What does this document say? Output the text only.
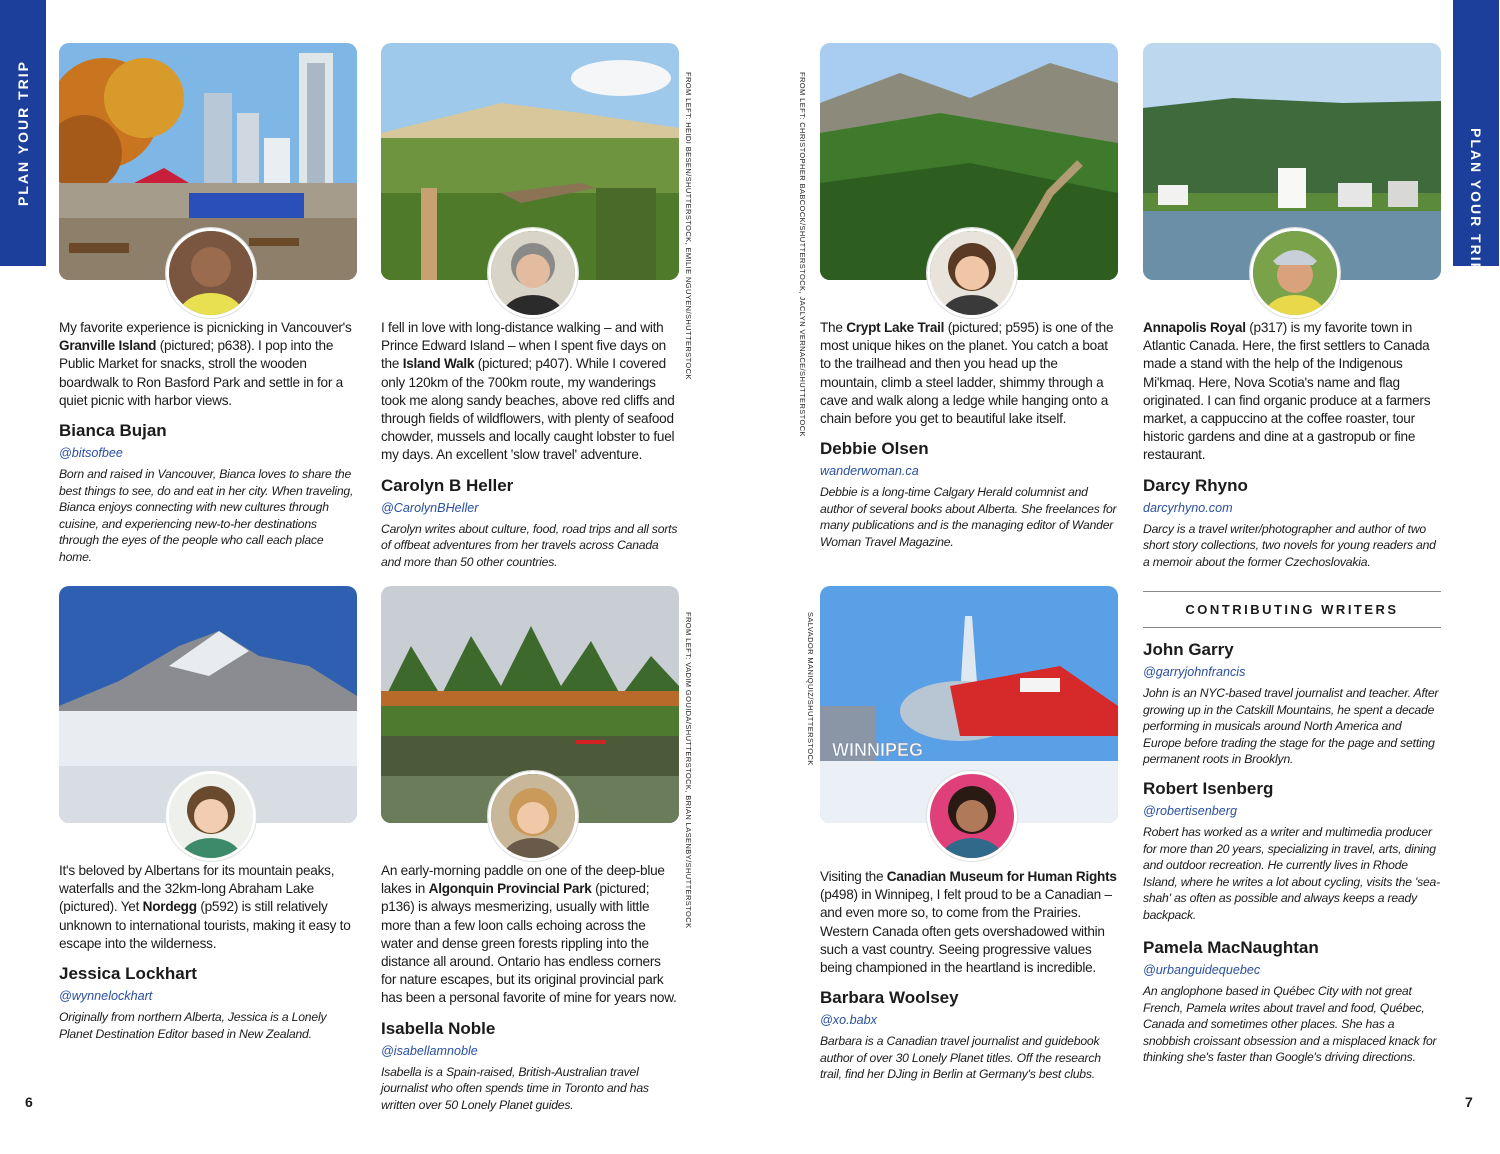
PLAN YOUR TRIP	PLAN YOUR TRIP
6	7
FROM LEFT: HEIDI BESEN/SHUTTERSTOCK, EMILIE NGUYEN/SHUTTERSTOCK	FROM LEFT: CHRISTOPHER BABCOCK/SHUTTERSTOCK, JACLYN VERNACE/SHUTTERSTOCK
FROM LEFT: VADIM GOUIDA/SHUTTERSTOCK, BRIAN LASENBY/SHUTTERSTOCK	SALVADOR MANIQUIZ/SHUTTERSTOCK

My favorite experience is picnicking in Vancouver's Granville Island (pictured; p638). I pop into the Public Market for snacks, stroll the wooden boardwalk to Ron Basford Park and settle in for a quiet picnic with harbor views.

Bianca Bujan
@bitsofbee

Born and raised in Vancouver, Bianca loves to share the best things to see, do and eat in her city. When traveling, Bianca enjoys connecting with new cultures through cuisine, and experiencing new-to-her destinations through the eyes of the people who call each place home.

I fell in love with long-distance walking – and with Prince Edward Island – when I spent five days on the Island Walk (pictured; p407). While I covered only 120km of the 700km route, my wanderings took me along sandy beaches, above red cliffs and through fields of wildflowers, with plenty of seafood chowder, mussels and locally caught lobster to fuel my days. An excellent 'slow travel' adventure.

Carolyn B Heller
@CarolynBHeller

Carolyn writes about culture, food, road trips and all sorts of offbeat adventures from her travels across Canada and more than 50 other countries.

The Crypt Lake Trail (pictured; p595) is one of the most unique hikes on the planet. You catch a boat to the trailhead and then you head up the mountain, climb a steel ladder, shimmy through a cave and walk along a ledge while hanging onto a chain before you get to beautiful lake itself.

Debbie Olsen
wanderwoman.ca

Debbie is a long-time Calgary Herald columnist and author of several books about Alberta. She freelances for many publications and is the managing editor of Wander Woman Travel Magazine.

Annapolis Royal (p317) is my favorite town in Atlantic Canada. Here, the first settlers to Canada made a stand with the help of the Indigenous Mi'kmaq. Here, Nova Scotia's name and flag originated. I can find organic produce at a farmers market, a cappuccino at the coffee roaster, tour historic gardens and dine at a gastropub or fine restaurant.

Darcy Rhyno
darcyrhyno.com

Darcy is a travel writer/photographer and author of two short story collections, two novels for young readers and a memoir about the former Czechoslovakia.

It's beloved by Albertans for its mountain peaks, waterfalls and the 32km-long Abraham Lake (pictured). Yet Nordegg (p592) is still relatively unknown to international tourists, making it easy to escape into the wilderness.

Jessica Lockhart
@wynnelockhart

Originally from northern Alberta, Jessica is a Lonely Planet Destination Editor based in New Zealand.

An early-morning paddle on one of the deep-blue lakes in Algonquin Provincial Park (pictured; p136) is always mesmerizing, usually with little more than a few loon calls echoing across the water and dense green forests rippling into the distance all around. Ontario has endless corners for nature escapes, but its original provincial park has been a personal favorite of mine for years now.

Isabella Noble
@isabellamnoble

Isabella is a Spain-raised, British-Australian travel journalist who often spends time in Toronto and has written over 50 Lonely Planet guides.

WINNIPEG

Visiting the Canadian Museum for Human Rights (p498) in Winnipeg, I felt proud to be a Canadian – and even more so, to come from the Prairies. Western Canada often gets overshadowed within such a vast country. Seeing progressive values being championed in the heartland is incredible.

Barbara Woolsey
@xo.babx

Barbara is a Canadian travel journalist and guidebook author of over 30 Lonely Planet titles. Off the research trail, find her DJing in Berlin at Germany's best clubs.

CONTRIBUTING WRITERS
John Garry
@garryjohnfrancis

John is an NYC-based travel journalist and teacher. After growing up in the Catskill Mountains, he spent a decade performing in musicals around North America and Europe before trading the stage for the page and setting permanent roots in Brooklyn.

Robert Isenberg
@robertisenberg

Robert has worked as a writer and multimedia producer for more than 20 years, specializing in travel, arts, dining and outdoor recreation. He currently lives in Rhode Island, where he writes a lot about cycling, visits the 'sea-shah' as often as possible and always keeps a ready backpack.

Pamela MacNaughtan
@urbanguidequebec

An anglophone based in Québec City with not great French, Pamela writes about travel and food, Québec, Canada and sometimes other places. She has a snobbish croissant obsession and a misplaced knack for thinking she's faster than Google's driving directions.
